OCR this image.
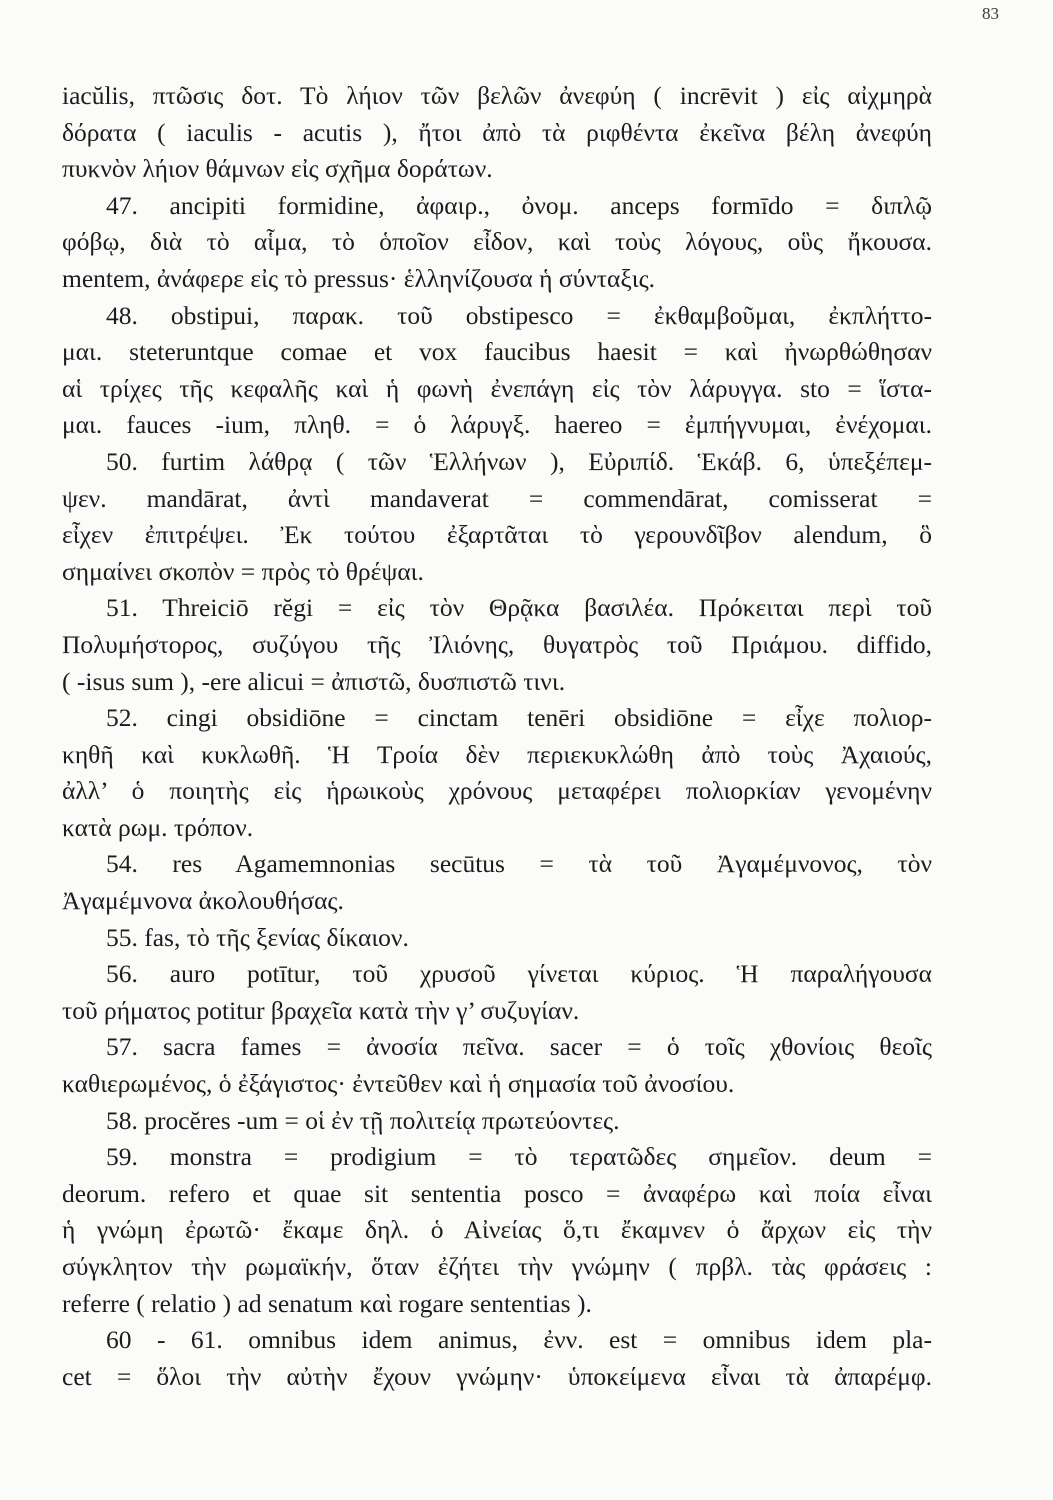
83
iacŭlis, πτῶσις δοτ. Τὸ λήιον τῶν βελῶν ἀνεφύη ( incrēvit ) εἰς αἰχμηρὰ
δόρατα ( iaculis - acutis ), ἤτοι ἀπὸ τὰ ριφθέντα ἐκεῖνα βέλη ἀνεφύη
πυκνὸν λήιον θάμνων εἰς σχῆμα δοράτων.
47. ancipiti formidine, ἀφαιρ., ὀνομ. anceps formīdo = διπλῷ
φόβῳ, διὰ τὸ αἷμα, τὸ ὁποῖον εἶδον, καὶ τοὺς λόγους, οὓς ἤκουσα.
mentem, ἀνάφερε εἰς τὸ pressus· ἑλληνίζουσα ἡ σύνταξις.
48. obstipui, παρακ. τοῦ obstipesco = ἐκθαμβοῦμαι, ἐκπλήττο-
μαι. steteruntque comae et vox faucibus haesit = καὶ ἠνωρθώθησαν
αἱ τρίχες τῆς κεφαλῆς καὶ ἡ φωνὴ ἐνεπάγη εἰς τὸν λάρυγγα. sto = ἵστα-
μαι. fauces -ium, πληθ. = ὁ λάρυγξ. haereo = ἐμπήγνυμαι, ἐνέχομαι.
50. furtim λάθρᾳ ( τῶν Ἑλλήνων ), Εὐριπίδ. Ἑκάβ. 6, ὑπεξέπεμ-
ψεν. mandārat, ἀντὶ mandaverat = commendārat, comisserat =
εἶχεν ἐπιτρέψει. Ἐκ τούτου ἐξαρτᾶται τὸ γερουνδῖβον alendum, ὃ
σημαίνει σκοπὸν = πρὸς τὸ θρέψαι.
51. Threiciō rĕgi = εἰς τὸν Θρᾷκα βασιλέα. Πρόκειται περὶ τοῦ
Πολυμήστορος, συζύγου τῆς Ἰλιόνης, θυγατρὸς τοῦ Πριάμου. diffido,
( -isus sum ), -ere alicui = ἀπιστῶ, δυσπιστῶ τινι.
52. cingi obsidiōne = cinctam tenēri obsidiōne = εἶχε πολιορ-
κηθῆ καὶ κυκλωθῆ. Ἡ Τροία δὲν περιεκυκλώθη ἀπὸ τοὺς Ἀχαιούς,
ἀλλ’ ὁ ποιητὴς εἰς ἡρωικοὺς χρόνους μεταφέρει πολιορκίαν γενομένην
κατὰ ρωμ. τρόπον.
54. res Agamemnonias secūtus = τὰ τοῦ Ἀγαμέμνονος, τὸν
Ἀγαμέμνονα ἀκολουθήσας.
55. fas, τὸ τῆς ξενίας δίκαιον.
56. auro potītur, τοῦ χρυσοῦ γίνεται κύριος. Ἡ παραλήγουσα
τοῦ ρήματος potitur βραχεῖα κατὰ τὴν γ’ συζυγίαν.
57. sacra fames = ἀνοσία πεῖνα. sacer = ὁ τοῖς χθονίοις θεοῖς
καθιερωμένος, ὁ ἐξάγιστος· ἐντεῦθεν καὶ ἡ σημασία τοῦ ἀνοσίου.
58. procĕres -um = οἱ ἐν τῇ πολιτείᾳ πρωτεύοντες.
59. monstra = prodigium = τὸ τερατῶδες σημεῖον. deum =
deorum. refero et quae sit sententia posco = ἀναφέρω καὶ ποία εἶναι
ἡ γνώμη ἐρωτῶ· ἔκαμε δηλ. ὁ Αἰνείας ὅ,τι ἔκαμνεν ὁ ἄρχων εἰς τὴν
σύγκλητον τὴν ρωμαϊκήν, ὅταν ἐζήτει τὴν γνώμην ( πρβλ. τὰς φράσεις :
referre ( relatio ) ad senatum καὶ rogare sententias ).
60 - 61. omnibus idem animus, ἐνν. est = omnibus idem pla-
cet = ὅλοι τὴν αὐτὴν ἔχουν γνώμην· ὑποκείμενα εἶναι τὰ ἀπαρέμφ.
